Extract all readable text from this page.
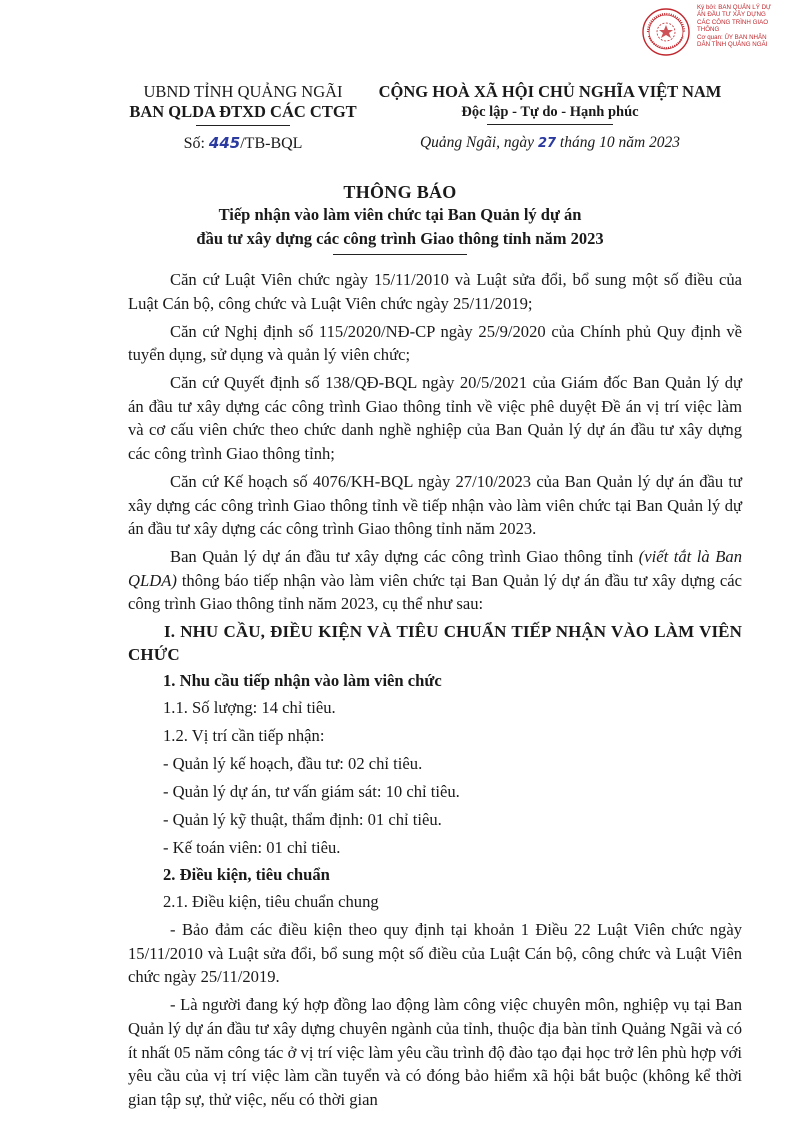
Ký bởi: BAN QUẢN LÝ DỰ
ÁN ĐẦU TƯ XÂY DỰNG
CÁC CÔNG TRÌNH GIAO
THÔNG
Cơ quan: ỦY BAN NHÂN
DÂN TỈNH QUẢNG NGÃI
UBND TỈNH QUẢNG NGÃI
BAN QLDA ĐTXD CÁC CTGT
CỘNG HOÀ XÃ HỘI CHỦ NGHĨA VIỆT NAM
Độc lập - Tự do - Hạnh phúc
Số: 445/TB-BQL	Quảng Ngãi, ngày 27 tháng 10 năm 2023
THÔNG BÁO
Tiếp nhận vào làm viên chức tại Ban Quản lý dự án
đầu tư xây dựng các công trình Giao thông tỉnh năm 2023

Căn cứ Luật Viên chức ngày 15/11/2010 và Luật sửa đổi, bổ sung một số điều của Luật Cán bộ, công chức và Luật Viên chức ngày 25/11/2019;

Căn cứ Nghị định số 115/2020/NĐ-CP ngày 25/9/2020 của Chính phủ Quy định về tuyển dụng, sử dụng và quản lý viên chức;

Căn cứ Quyết định số 138/QĐ-BQL ngày 20/5/2021 của Giám đốc Ban Quản lý dự án đầu tư xây dựng các công trình Giao thông tỉnh về việc phê duyệt Đề án vị trí việc làm và cơ cấu viên chức theo chức danh nghề nghiệp của Ban Quản lý dự án đầu tư xây dựng các công trình Giao thông tỉnh;

Căn cứ Kế hoạch số 4076/KH-BQL ngày 27/10/2023 của Ban Quản lý dự án đầu tư xây dựng các công trình Giao thông tỉnh về tiếp nhận vào làm viên chức tại Ban Quản lý dự án đầu tư xây dựng các công trình Giao thông tỉnh năm 2023.

Ban Quản lý dự án đầu tư xây dựng các công trình Giao thông tỉnh (viết tắt là Ban QLDA) thông báo tiếp nhận vào làm viên chức tại Ban Quản lý dự án đầu tư xây dựng các công trình Giao thông tỉnh năm 2023, cụ thể như sau:

I. NHU CẦU, ĐIỀU KIỆN VÀ TIÊU CHUẨN TIẾP NHẬN VÀO LÀM VIÊN CHỨC
1. Nhu cầu tiếp nhận vào làm viên chức

1.1. Số lượng: 14 chỉ tiêu.

1.2. Vị trí cần tiếp nhận:

- Quản lý kế hoạch, đầu tư: 02 chỉ tiêu.

- Quản lý dự án, tư vấn giám sát: 10 chỉ tiêu.

- Quản lý kỹ thuật, thẩm định: 01 chỉ tiêu.

- Kế toán viên: 01 chỉ tiêu.

2. Điều kiện, tiêu chuẩn

2.1. Điều kiện, tiêu chuẩn chung

- Bảo đảm các điều kiện theo quy định tại khoản 1 Điều 22 Luật Viên chức ngày 15/11/2010 và Luật sửa đổi, bổ sung một số điều của Luật Cán bộ, công chức và Luật Viên chức ngày 25/11/2019.

- Là người đang ký hợp đồng lao động làm công việc chuyên môn, nghiệp vụ tại Ban Quản lý dự án đầu tư xây dựng chuyên ngành của tỉnh, thuộc địa bàn tỉnh Quảng Ngãi và có ít nhất 05 năm công tác ở vị trí việc làm yêu cầu trình độ đào tạo đại học trở lên phù hợp với yêu cầu của vị trí việc làm cần tuyển và có đóng bảo hiểm xã hội bắt buộc (không kể thời gian tập sự, thử việc, nếu có thời gian
